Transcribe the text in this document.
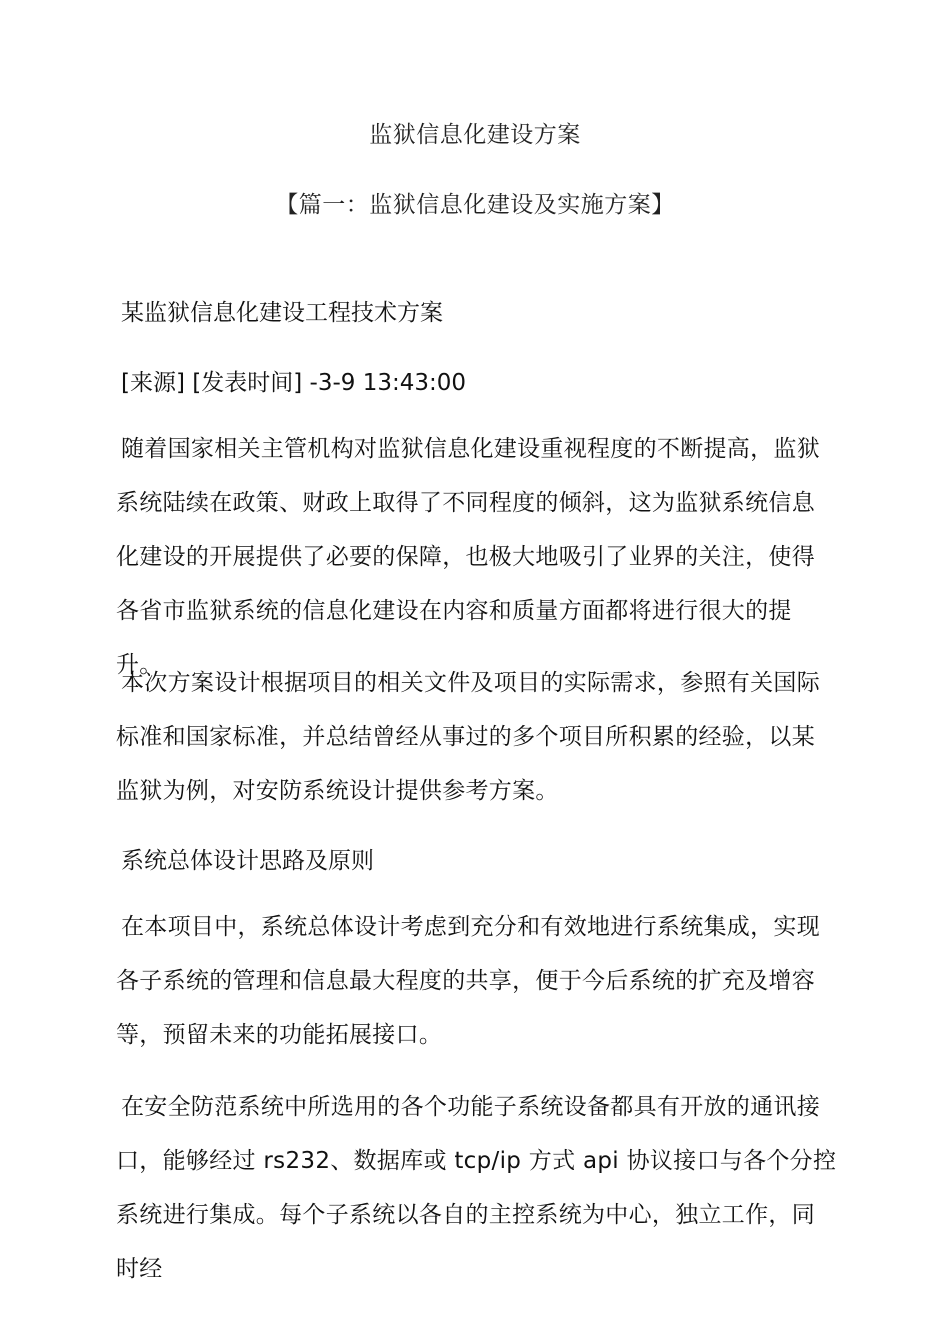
监狱信息化建设方案
【篇一：监狱信息化建设及实施方案】
某监狱信息化建设工程技术方案
[来源] [发表时间] -3-9 13:43:00
随着国家相关主管机构对监狱信息化建设重视程度的不断提高，监狱系统陆续在政策、财政上取得了不同程度的倾斜，这为监狱系统信息化建设的开展提供了必要的保障，也极大地吸引了业界的关注，使得各省市监狱系统的信息化建设在内容和质量方面都将进行很大的提升。
本次方案设计根据项目的相关文件及项目的实际需求，参照有关国际标准和国家标准，并总结曾经从事过的多个项目所积累的经验，以某监狱为例，对安防系统设计提供参考方案。
系统总体设计思路及原则
在本项目中，系统总体设计考虑到充分和有效地进行系统集成，实现各子系统的管理和信息最大程度的共享，便于今后系统的扩充及增容等，预留未来的功能拓展接口。
在安全防范系统中所选用的各个功能子系统设备都具有开放的通讯接口，能够经过 rs232、数据库或 tcp/ip 方式 api 协议接口与各个分控系统进行集成。每个子系统以各自的主控系统为中心，独立工作，同时经
